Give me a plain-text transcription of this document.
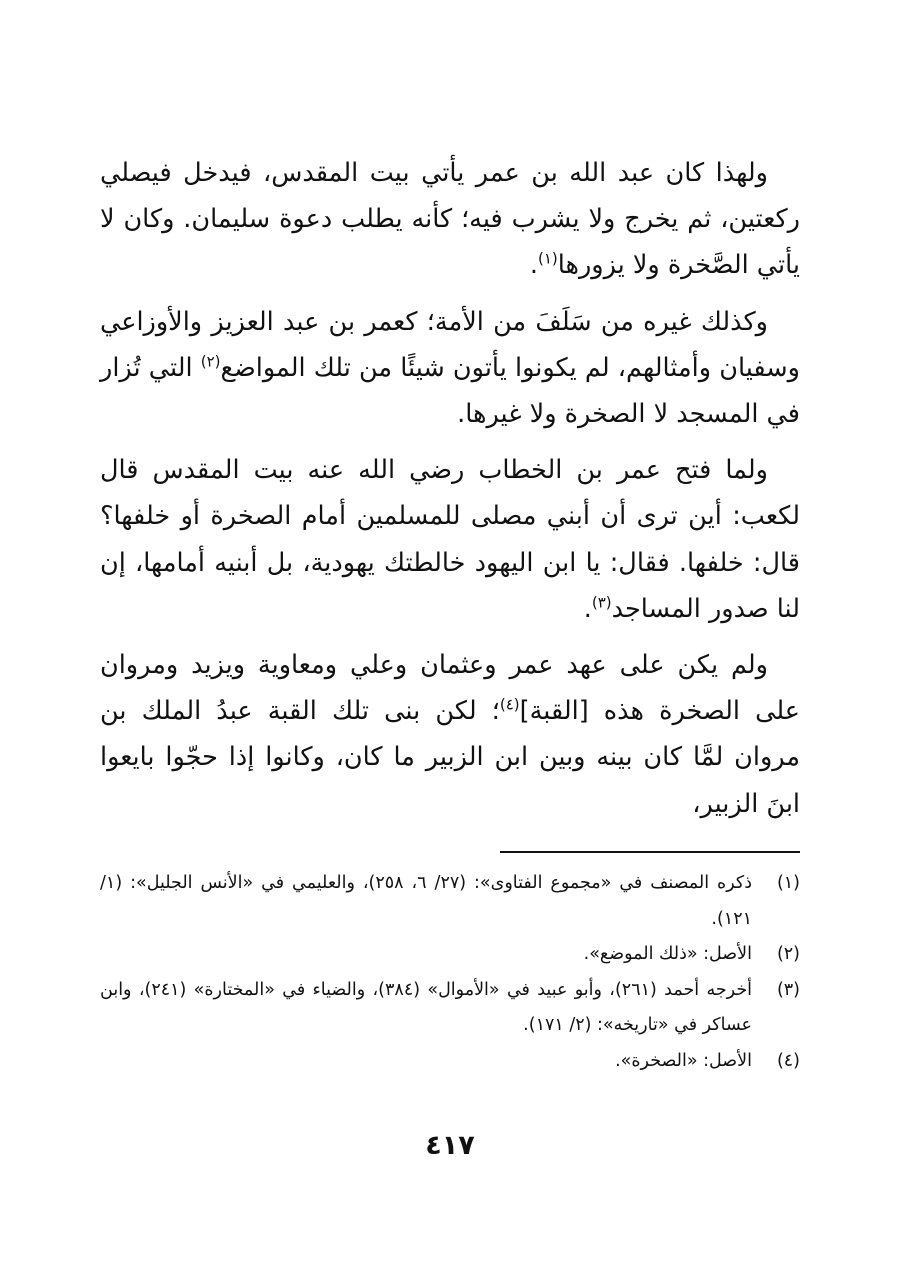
ولهذا كان عبد الله بن عمر يأتي بيت المقدس، فيدخل فيصلي ركعتين، ثم يخرج ولا يشرب فيه؛ كأنه يطلب دعوة سليمان. وكان لا يأتي الصَّخرة ولا يزورها$^{(١)}$.

وكذلك غيره من سَلَفَ من الأمة؛ كعمر بن عبد العزيز والأوزاعي وسفيان وأمثالهم، لم يكونوا يأتون شيئًا من تلك المواضع$^{(٢)}$ التي تُزار في المسجد لا الصخرة ولا غيرها.

ولما فتح عمر بن الخطاب رضي الله عنه بيت المقدس قال لكعب: أين ترى أن أبني مصلى للمسلمين أمام الصخرة أو خلفها؟ قال: خلفها. فقال: يا ابن اليهود خالطتك يهودية، بل أبنيه أمامها، إن لنا صدور المساجد$^{(٣)}$.

ولم يكن على عهد عمر وعثمان وعلي ومعاوية ويزيد ومروان على الصخرة هذه [القبة]$^{(٤)}$؛ لكن بنى تلك القبة عبدُ الملك بن مروان لمَّا كان بينه وبين ابن الزبير ما كان، وكانوا إذا حجّوا بايعوا ابنَ الزبير،

(١)
ذكره المصنف في «مجموع الفتاوى»: (٢٧/ ٦، ٢٥٨)، والعليمي في «الأنس الجليل»: (١/ ١٢١).
(٢)
الأصل: «ذلك الموضع».
(٣)
أخرجه أحمد (٢٦١)، وأبو عبيد في «الأموال» (٣٨٤)، والضياء في «المختارة» (٢٤١)، وابن عساكر في «تاريخه»: (٢/ ١٧١).
(٤)
الأصل: «الصخرة».
٤١٧
